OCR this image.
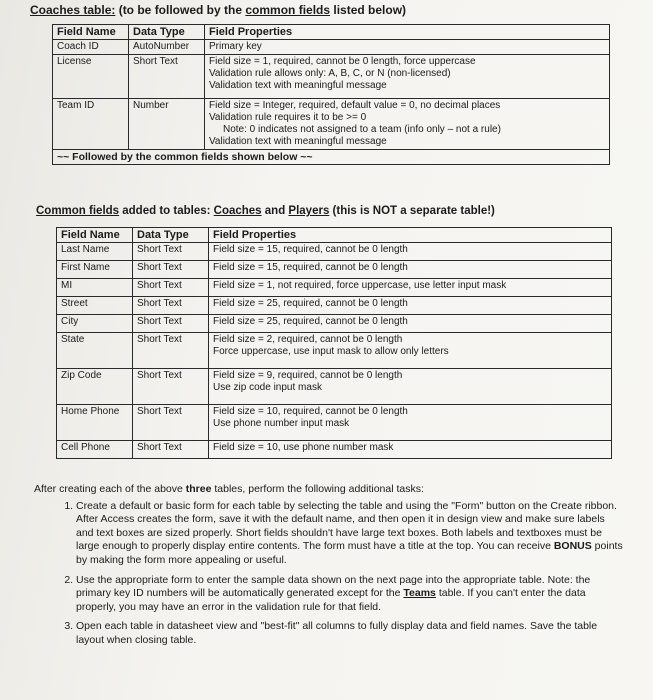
Coaches table: (to be followed by the common fields listed below)
Field Name	Data Type	Field Properties
Coach ID	AutoNumber	Primary key

License	Short Text	Field size = 1, required, cannot be 0 length, force uppercase
Validation rule allows only: A, B, C, or N (non-licensed)
Validation text with meaningful message

Team ID	Number	Field size = Integer, required, default value = 0, no decimal places
Validation rule requires it to be >= 0
Note: 0 indicates not assigned to a team (info only – not a rule)
Validation text with meaningful message

~~ Followed by the common fields shown below ~~		
Common fields added to tables: Coaches and Players (this is NOT a separate table!)
Field Name	Data Type	Field Properties
Last Name	Short Text	Field size = 15, required, cannot be 0 length

First Name	Short Text	Field size = 15, required, cannot be 0 length

MI	Short Text	Field size = 1, not required, force uppercase, use letter input mask

Street	Short Text	Field size = 25, required, cannot be 0 length

City	Short Text	Field size = 25, required, cannot be 0 length

State	Short Text	Field size = 2, required, cannot be 0 length
Force uppercase, use input mask to allow only letters

Zip Code	Short Text	Field size = 9, required, cannot be 0 length
Use zip code input mask

Home Phone	Short Text	Field size = 10, required, cannot be 0 length
Use phone number input mask

Cell Phone	Short Text	Field size = 10, use phone number mask

After creating each of the above three tables, perform the following additional tasks:

1. Create a default or basic form for each table by selecting the table and using the "Form" button on the Create ribbon. After Access creates the form, save it with the default name, and then open it in design view and make sure labels and text boxes are sized properly. Short fields shouldn't have large text boxes. Both labels and textboxes must be large enough to properly display entire contents. The form must have a title at the top. You can receive BONUS points by making the form more appealing or useful.
2. Use the appropriate form to enter the sample data shown on the next page into the appropriate table. Note: the primary key ID numbers will be automatically generated except for the Teams table. If you can't enter the data properly, you may have an error in the validation rule for that field.
3. Open each table in datasheet view and "best-fit" all columns to fully display data and field names. Save the table layout when closing table.
